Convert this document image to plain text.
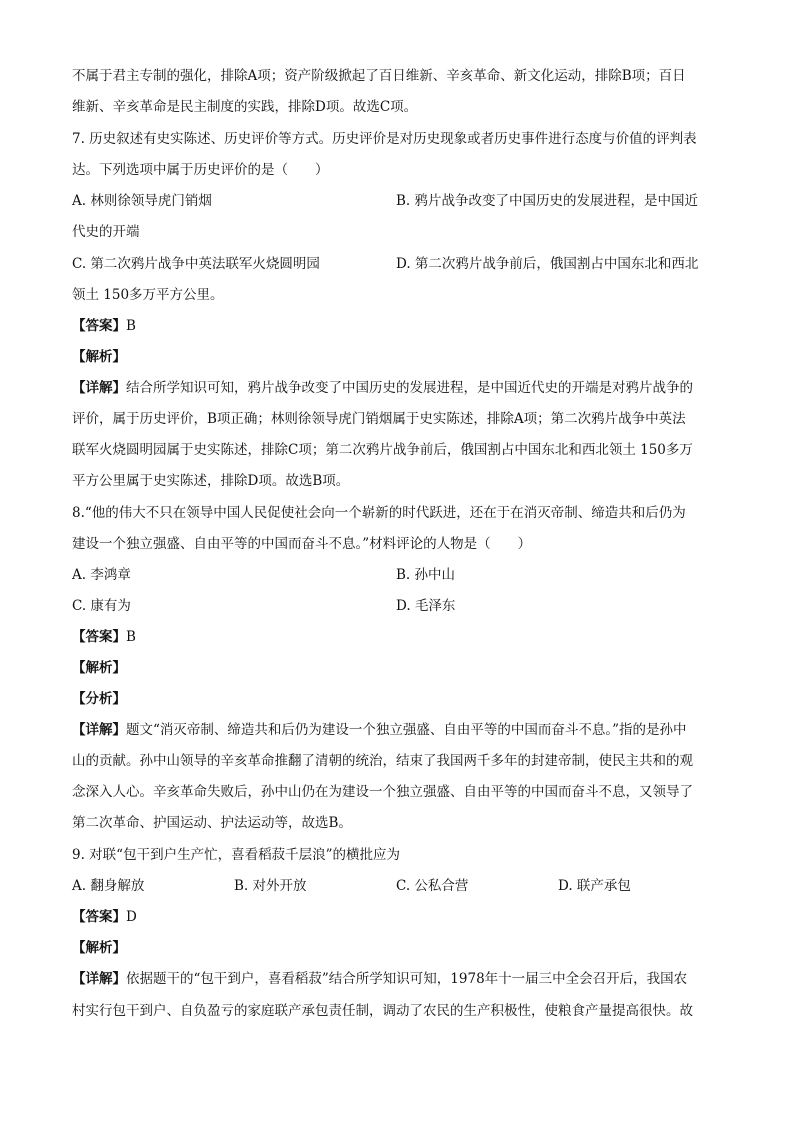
不属于君主专制的强化，排除A项；资产阶级掀起了百日维新、辛亥革命、新文化运动，排除B项；百日
维新、辛亥革命是民主制度的实践，排除D项。故选C项。
7. 历史叙述有史实陈述、历史评价等方式。历史评价是对历史现象或者历史事件进行态度与价值的评判表
达。下列选项中属于历史评价的是（　　）
A. 林则徐领导虎门销烟	B. 鸦片战争改变了中国历史的发展进程，是中国近
代史的开端
C. 第二次鸦片战争中英法联军火烧圆明园	D. 第二次鸦片战争前后，俄国割占中国东北和西北
领土 150多万平方公里。
【答案】B
【解析】
【详解】结合所学知识可知，鸦片战争改变了中国历史的发展进程，是中国近代史的开端是对鸦片战争的
评价，属于历史评价，B项正确；林则徐领导虎门销烟属于史实陈述，排除A项；第二次鸦片战争中英法
联军火烧圆明园属于史实陈述，排除C项；第二次鸦片战争前后，俄国割占中国东北和西北领土 150多万
平方公里属于史实陈述，排除D项。故选B项。
8.“他的伟大不只在领导中国人民促使社会向一个崭新的时代跃进，还在于在消灭帝制、缔造共和后仍为
建设一个独立强盛、自由平等的中国而奋斗不息。”材料评论的人物是（　　）
A. 李鸿章	B. 孙中山
C. 康有为	D. 毛泽东
【答案】B
【解析】
【分析】
【详解】题文“消灭帝制、缔造共和后仍为建设一个独立强盛、自由平等的中国而奋斗不息。”指的是孙中
山的贡献。孙中山领导的辛亥革命推翻了清朝的统治，结束了我国两千多年的封建帝制，使民主共和的观
念深入人心。辛亥革命失败后，孙中山仍在为建设一个独立强盛、自由平等的中国而奋斗不息，又领导了
第二次革命、护国运动、护法运动等，故选B。
9. 对联“包干到户生产忙，喜看稻菽千层浪”的横批应为
A. 翻身解放	B. 对外开放	C. 公私合营	D. 联产承包
【答案】D
【解析】
【详解】依据题干的“包干到户，喜看稻菽”结合所学知识可知，1978年十一届三中全会召开后，我国农
村实行包干到户、自负盈亏的家庭联产承包责任制，调动了农民的生产积极性，使粮食产量提高很快。故
